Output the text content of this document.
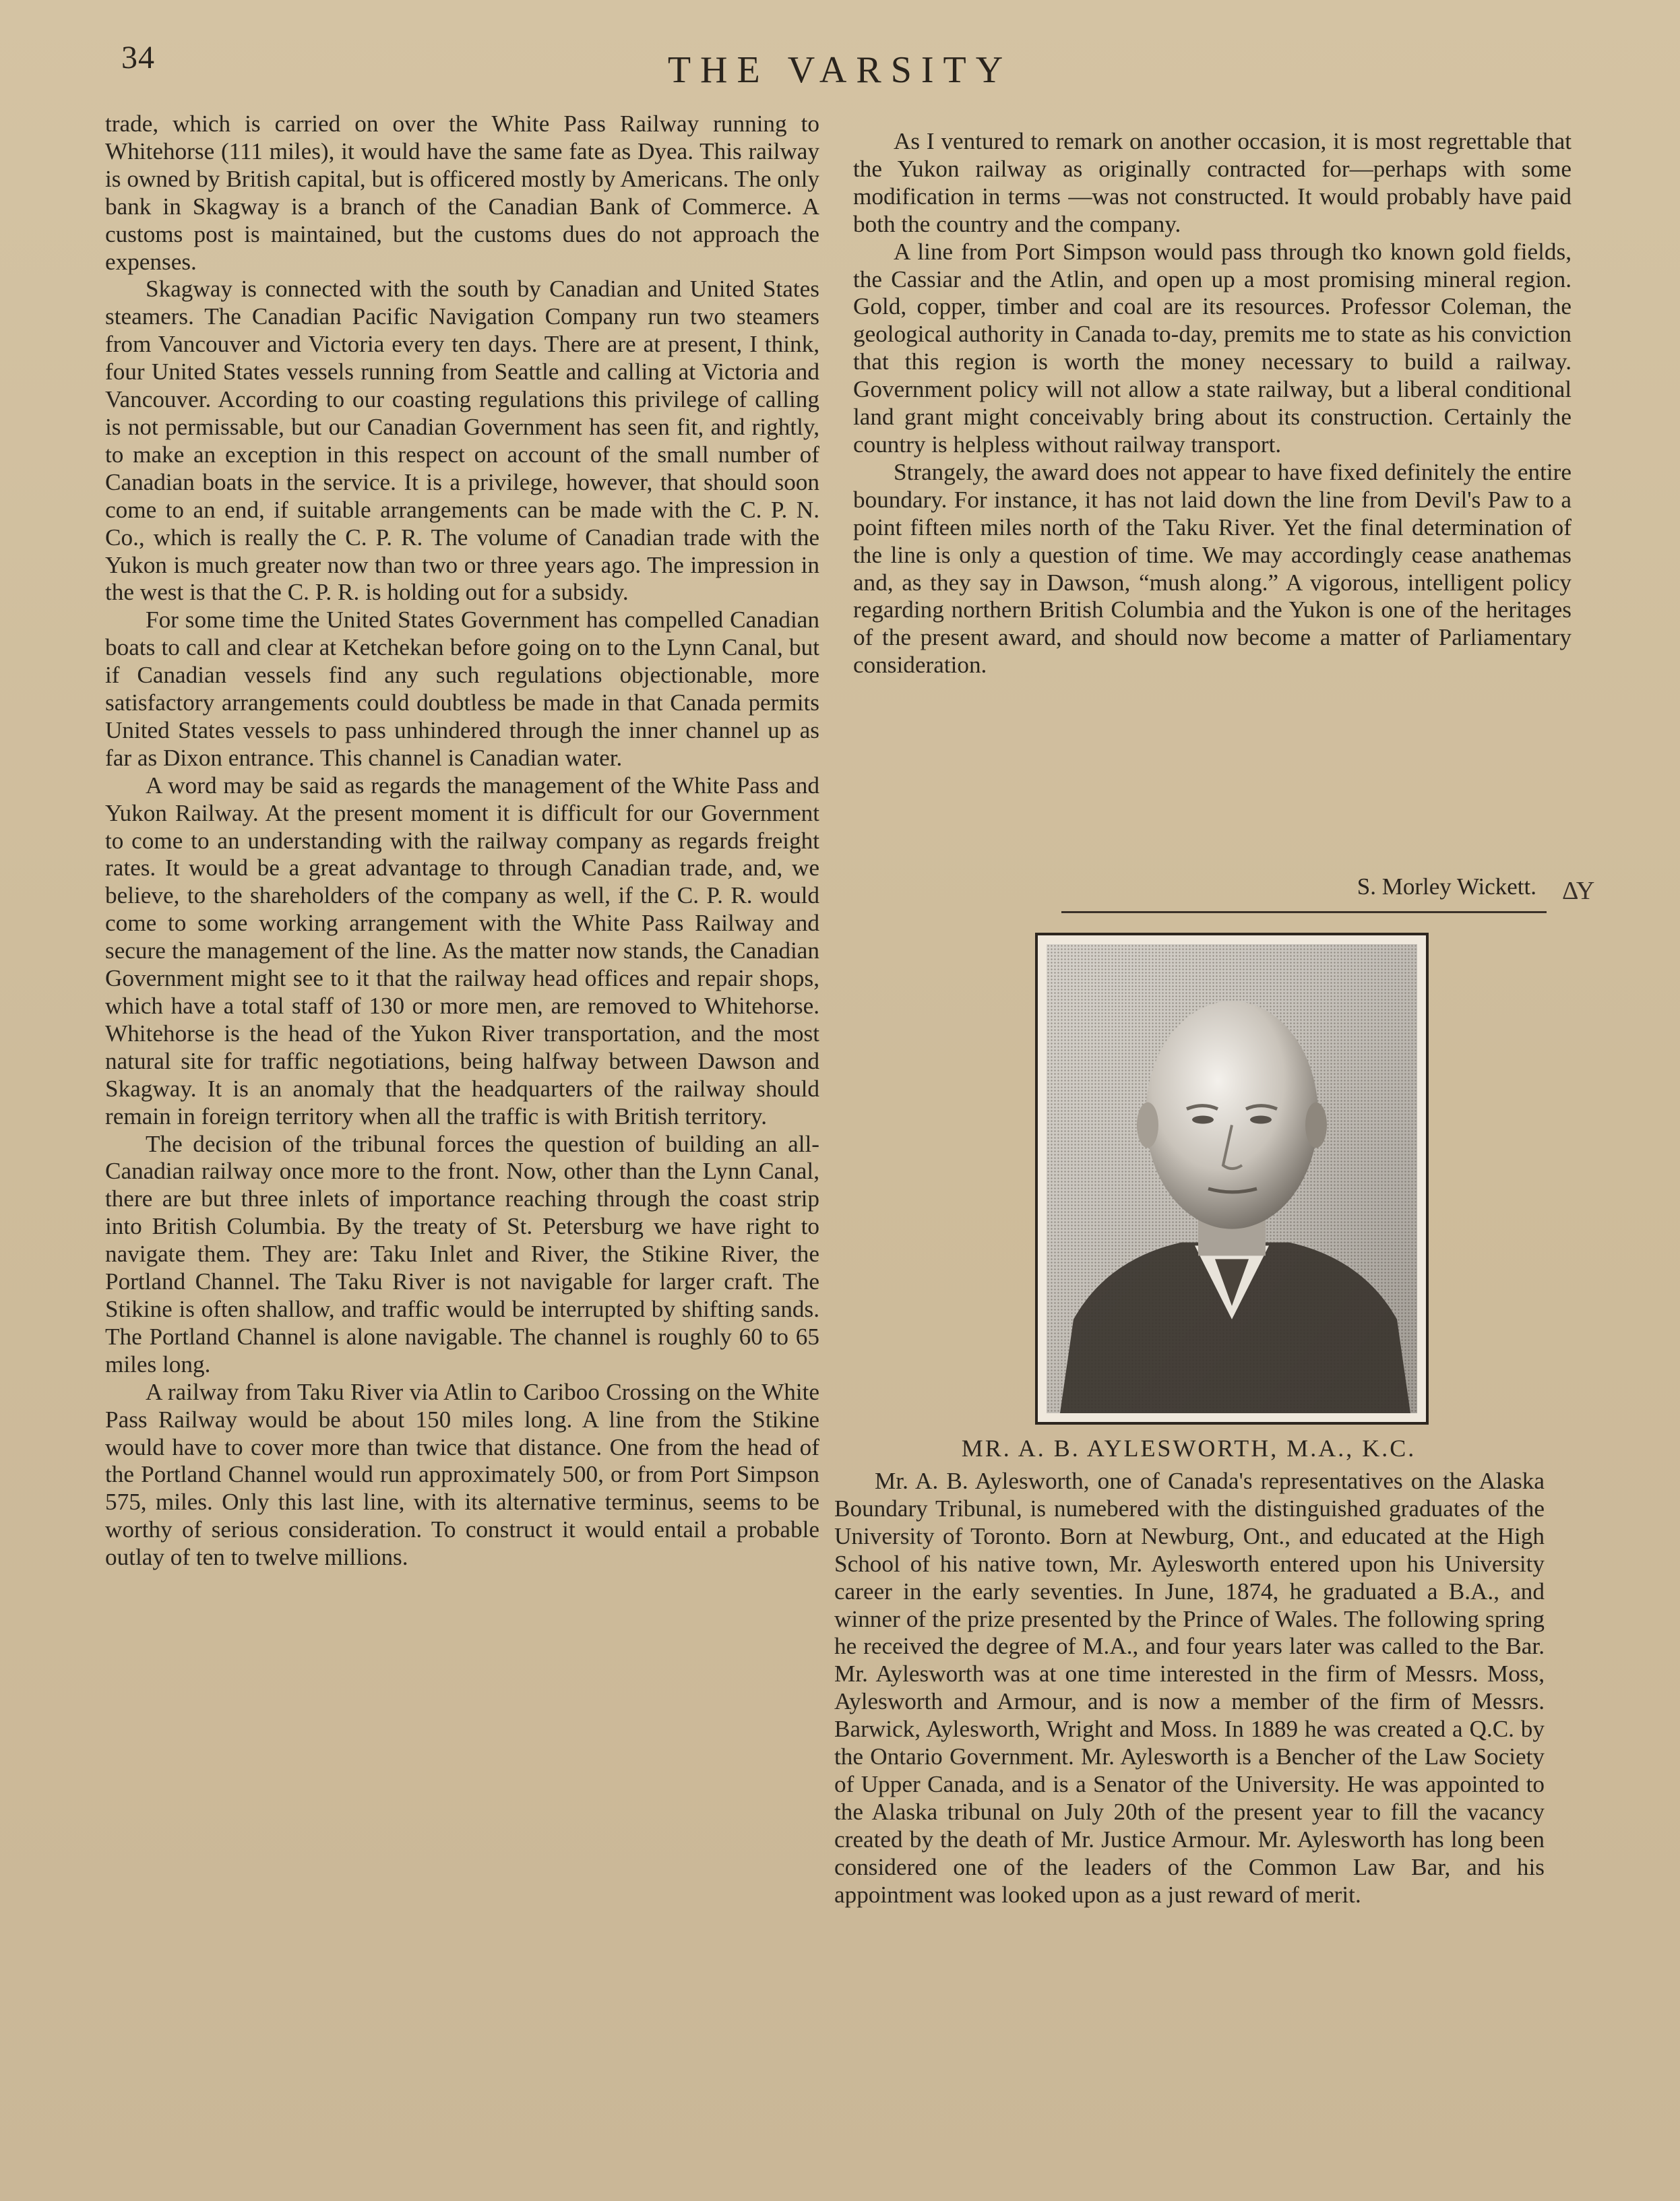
34	THE VARSITY

trade, which is carried on over the White Pass Railway running to Whitehorse (111 miles), it would have the same fate as Dyea. This railway is owned by British capital, but is officered mostly by Americans. The only bank in Skagway is a branch of the Canadian Bank of Commerce. A customs post is maintained, but the customs dues do not approach the expenses.

Skagway is connected with the south by Canadian and United States steamers. The Canadian Pacific Navigation Company run two steamers from Vancouver and Victoria every ten days. There are at present, I think, four United States vessels running from Seattle and calling at Victoria and Vancouver. According to our coasting regulations this privilege of calling is not permissable, but our Canadian Government has seen fit, and rightly, to make an exception in this respect on account of the small number of Canadian boats in the service. It is a privilege, however, that should soon come to an end, if suitable arrangements can be made with the C. P. N. Co., which is really the C. P. R. The volume of Canadian trade with the Yukon is much greater now than two or three years ago. The impression in the west is that the C. P. R. is holding out for a subsidy.

For some time the United States Government has compelled Canadian boats to call and clear at Ketchekan before going on to the Lynn Canal, but if Canadian vessels find any such regulations objectionable, more satisfactory arrangements could doubtless be made in that Canada permits United States vessels to pass unhindered through the inner channel up as far as Dixon entrance. This channel is Canadian water.

A word may be said as regards the management of the White Pass and Yukon Railway. At the present moment it is difficult for our Government to come to an understanding with the railway company as regards freight rates. It would be a great advantage to through Canadian trade, and, we believe, to the shareholders of the company as well, if the C. P. R. would come to some working arrangement with the White Pass Railway and secure the management of the line. As the matter now stands, the Canadian Government might see to it that the railway head offices and repair shops, which have a total staff of 130 or more men, are removed to Whitehorse. Whitehorse is the head of the Yukon River transportation, and the most natural site for traffic negotiations, being halfway between Dawson and Skagway. It is an anomaly that the headquarters of the railway should remain in foreign territory when all the traffic is with British territory.

The decision of the tribunal forces the question of building an all-Canadian railway once more to the front. Now, other than the Lynn Canal, there are but three inlets of importance reaching through the coast strip into British Columbia. By the treaty of St. Petersburg we have right to navigate them. They are: Taku Inlet and River, the Stikine River, the Portland Channel. The Taku River is not navigable for larger craft. The Stikine is often shallow, and traffic would be interrupted by shifting sands. The Portland Channel is alone navigable. The channel is roughly 60 to 65 miles long.

A railway from Taku River via Atlin to Cariboo Crossing on the White Pass Railway would be about 150 miles long. A line from the Stikine would have to cover more than twice that distance. One from the head of the Portland Channel would run approximately 500, or from Port Simpson 575, miles. Only this last line, with its alternative terminus, seems to be worthy of serious consideration. To construct it would entail a probable outlay of ten to twelve millions.

As I ventured to remark on another occasion, it is most regrettable that the Yukon railway as originally contracted for—perhaps with some modification in terms —was not constructed. It would probably have paid both the country and the company.

A line from Port Simpson would pass through tko known gold fields, the Cassiar and the Atlin, and open up a most promising mineral region. Gold, copper, timber and coal are its resources. Professor Coleman, the geological authority in Canada to-day, premits me to state as his conviction that this region is worth the money necessary to build a railway. Government policy will not allow a state railway, but a liberal conditional land grant might conceivably bring about its construction. Certainly the country is helpless without railway transport.

Strangely, the award does not appear to have fixed definitely the entire boundary. For instance, it has not laid down the line from Devil's Paw to a point fifteen miles north of the Taku River. Yet the final determination of the line is only a question of time. We may accordingly cease anathemas and, as they say in Dawson, “mush along.” A vigorous, intelligent policy regarding northern British Columbia and the Yukon is one of the heritages of the present award, and should now become a matter of Parliamentary consideration.

S. Morley Wickett. ΔΥ
MR. A. B. AYLESWORTH, M.A., K.C.

Mr. A. B. Aylesworth, one of Canada's representatives on the Alaska Boundary Tribunal, is numebered with the distinguished graduates of the University of Toronto. Born at Newburg, Ont., and educated at the High School of his native town, Mr. Aylesworth entered upon his University career in the early seventies. In June, 1874, he graduated a B.A., and winner of the prize presented by the Prince of Wales. The following spring he received the degree of M.A., and four years later was called to the Bar. Mr. Aylesworth was at one time interested in the firm of Messrs. Moss, Aylesworth and Armour, and is now a member of the firm of Messrs. Barwick, Aylesworth, Wright and Moss. In 1889 he was created a Q.C. by the Ontario Government. Mr. Aylesworth is a Bencher of the Law Society of Upper Canada, and is a Senator of the University. He was appointed to the Alaska tribunal on July 20th of the present year to fill the vacancy created by the death of Mr. Justice Armour. Mr. Aylesworth has long been considered one of the leaders of the Common Law Bar, and his appointment was looked upon as a just reward of merit.
